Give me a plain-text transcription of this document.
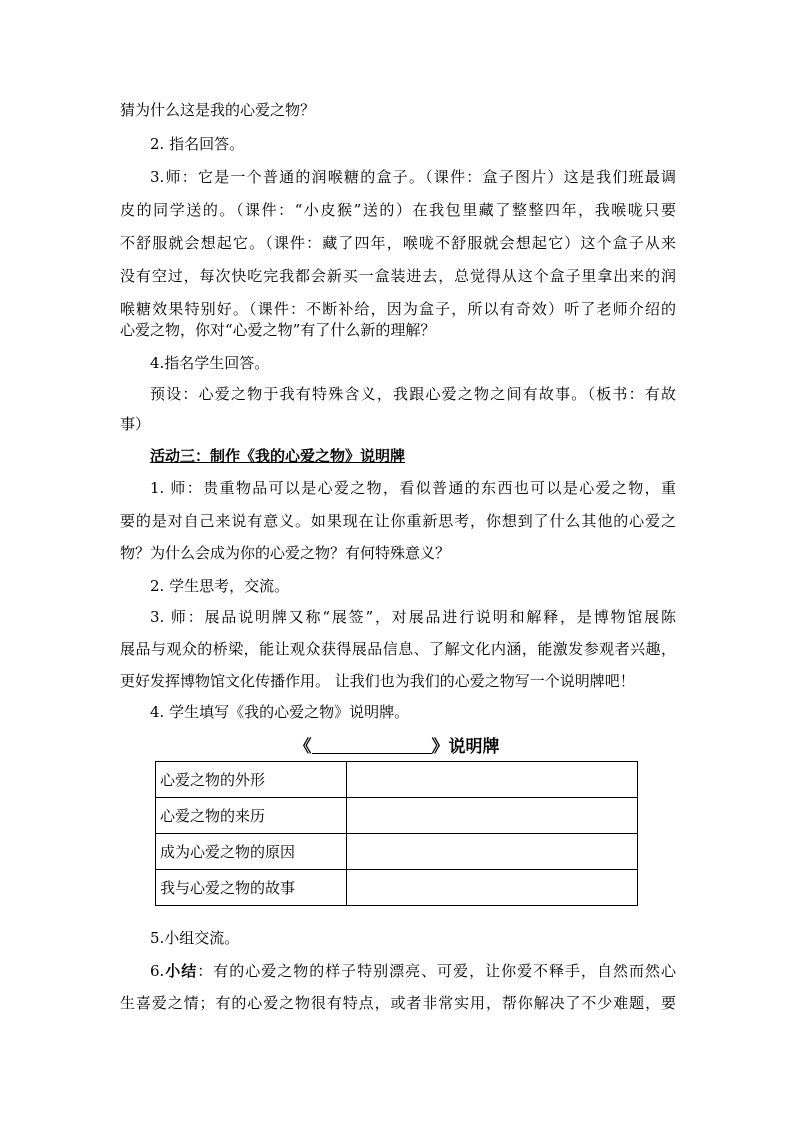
猜为什么这是我的心爱之物？
2. 指名回答。
3.师：它是一个普通的润喉糖的盒子。（课件：盒子图片）这是我们班最调
皮的同学送的。（课件：“小皮猴”送的）在我包里藏了整整四年，我喉咙只要
不舒服就会想起它。（课件：藏了四年，喉咙不舒服就会想起它）这个盒子从来
没有空过，每次快吃完我都会新买一盒装进去，总觉得从这个盒子里拿出来的润
喉糖效果特别好。（课件：不断补给，因为盒子，所以有奇效）听了老师介绍的
心爱之物，你对“心爱之物”有了什么新的理解？
4.指名学生回答。
预设：心爱之物于我有特殊含义，我跟心爱之物之间有故事。（板书：有故
事）
活动三：制作《我的心爱之物》说明牌
1. 师：贵重物品可以是心爱之物，看似普通的东西也可以是心爱之物，重
要的是对自己来说有意义。如果现在让你重新思考，你想到了什么其他的心爱之
物？为什么会成为你的心爱之物？有何特殊意义？
2. 学生思考，交流。
3. 师：展品说明牌又称“展签”，对展品进行说明和解释，是博物馆展陈
展品与观众的桥梁，能让观众获得展品信息、了解文化内涵，能激发参观者兴趣，
更好发挥博物馆文化传播作用。 让我们也为我们的心爱之物写一个说明牌吧！
4. 学生填写《我的心爱之物》说明牌。
《	》说明牌
心爱之物的外形	
心爱之物的来历	
成为心爱之物的原因	
我与心爱之物的故事	
5.小组交流。
6.小结：有的心爱之物的样子特别漂亮、可爱，让你爱不释手，自然而然心
生喜爱之情；有的心爱之物很有特点，或者非常实用，帮你解决了不少难题，要
